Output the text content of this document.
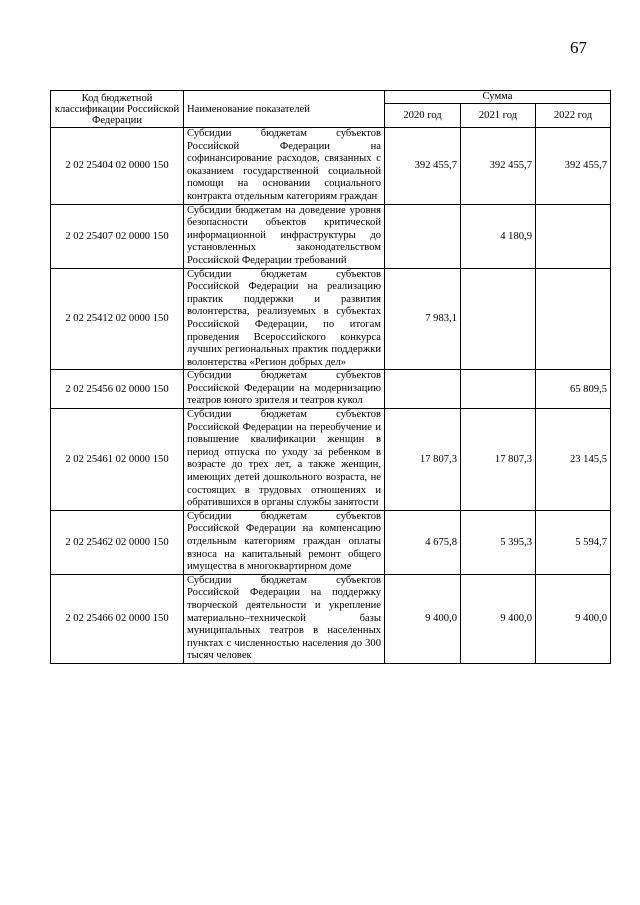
67
Код бюджетной классификации Российской Федерации	Наименование показателей	Сумма		
		2020 год	2021 год	2022 год
2 02 25404 02 0000 150	Субсидии бюджетам субъектов Российской Федерации на софинансирование расходов, связанных с оказанием государственной социальной помощи на основании социального контракта отдельным категориям граждан	392 455,7	392 455,7	392 455,7
2 02 25407 02 0000 150	Субсидии бюджетам на доведение уровня безопасности объектов критической информационной инфраструктуры до установленных законодательством Российской Федерации требований		4 180,9	
2 02 25412 02 0000 150	Субсидии бюджетам субъектов Российской Федерации на реализацию практик поддержки и развития волонтерства, реализуемых в субъектах Российской Федерации, по итогам проведения Всероссийского конкурса лучших региональных практик поддержки волонтерства «Регион добрых дел»	7 983,1		
2 02 25456 02 0000 150	Субсидии бюджетам субъектов Российской Федерации на модернизацию театров юного зрителя и театров кукол			65 809,5
2 02 25461 02 0000 150	Субсидии бюджетам субъектов Российской Федерации на переобучение и повышение квалификации женщин в период отпуска по уходу за ребенком в возрасте до трех лет, а также женщин, имеющих детей дошкольного возраста, не состоящих в трудовых отношениях и обратившихся в органы службы занятости	17 807,3	17 807,3	23 145,5
2 02 25462 02 0000 150	Субсидии бюджетам субъектов Российской Федерации на компенсацию отдельным категориям граждан оплаты взноса на капитальный ремонт общего имущества в многоквартирном доме	4 675,8	5 395,3	5 594,7
2 02 25466 02 0000 150	Субсидии бюджетам субъектов Российской Федерации на поддержку творческой деятельности и укрепление материально–технической базы муниципальных театров в населенных пунктах с численностью населения до 300 тысяч человек	9 400,0	9 400,0	9 400,0
